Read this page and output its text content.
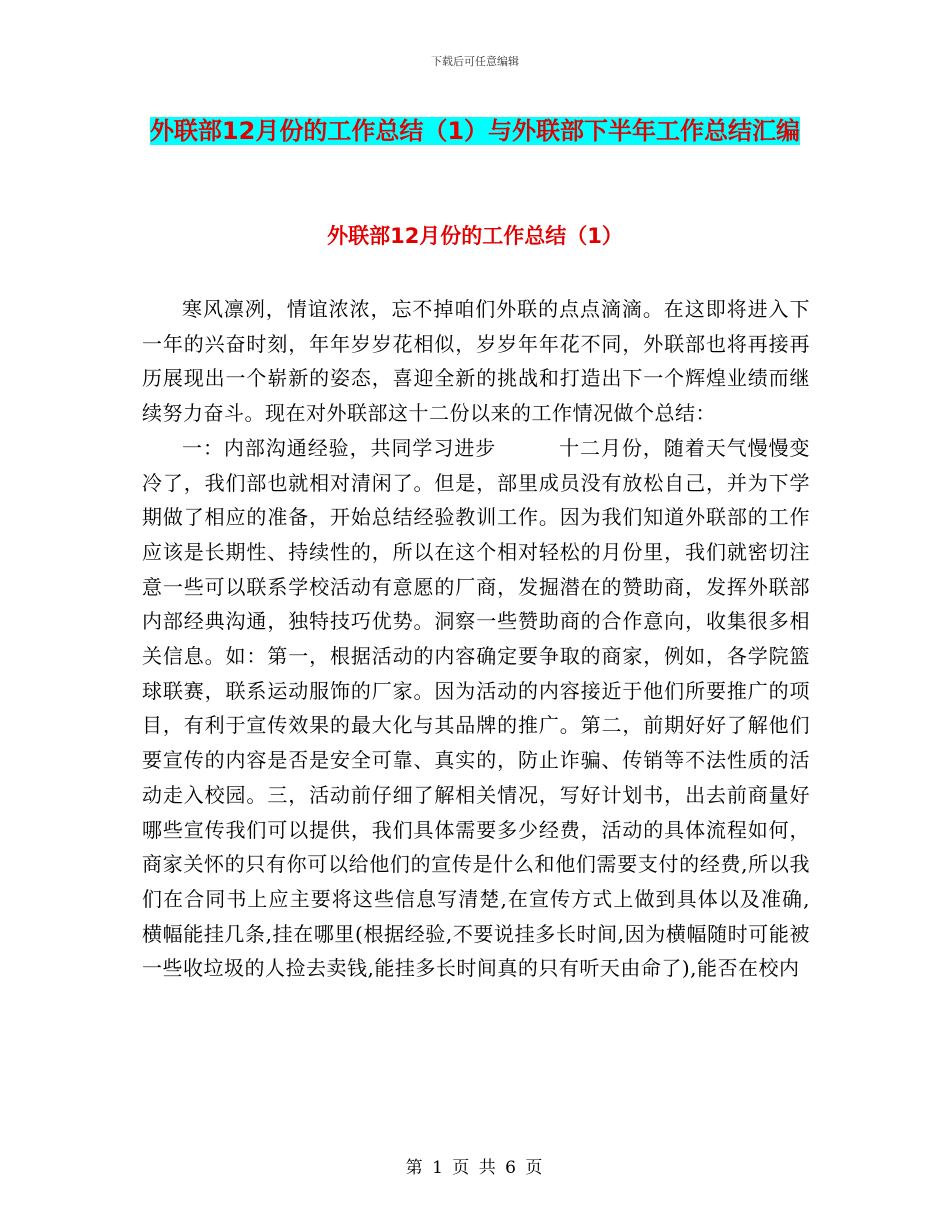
下载后可任意编辑
外联部12月份的工作总结（1）与外联部下半年工作总结汇编
外联部12月份的工作总结（1）

寒风凛冽，情谊浓浓，忘不掉咱们外联的点点滴滴。在这即将进入下一年的兴奋时刻，年年岁岁花相似，岁岁年年花不同，外联部也将再接再历展现出一个崭新的姿态，喜迎全新的挑战和打造出下一个辉煌业绩而继续努力奋斗。现在对外联部这十二份以来的工作情况做个总结：

一：内部沟通经验，共同学习进步　　　十二月份，随着天气慢慢变冷了，我们部也就相对清闲了。但是，部里成员没有放松自己，并为下学期做了相应的准备，开始总结经验教训工作。因为我们知道外联部的工作应该是长期性、持续性的，所以在这个相对轻松的月份里，我们就密切注意一些可以联系学校活动有意愿的厂商，发掘潜在的赞助商，发挥外联部内部经典沟通，独特技巧优势。洞察一些赞助商的合作意向，收集很多相关信息。如：第一，根据活动的内容确定要争取的商家，例如，各学院篮球联赛，联系运动服饰的厂家。因为活动的内容接近于他们所要推广的项目，有利于宣传效果的最大化与其品牌的推广。第二，前期好好了解他们要宣传的内容是否是安全可靠、真实的，防止诈骗、传销等不法性质的活动走入校园。三，活动前仔细了解相关情况，写好计划书，出去前商量好哪些宣传我们可以提供，我们具体需要多少经费，活动的具体流程如何，商家关怀的只有你可以给他们的宣传是什么和他们需要支付的经费,所以我们在合同书上应主要将这些信息写清楚,在宣传方式上做到具体以及准确,横幅能挂几条,挂在哪里(根据经验,不要说挂多长时间,因为横幅随时可能被一些收垃圾的人捡去卖钱,能挂多长时间真的只有听天由命了),能否在校内

第 1 页 共 6 页
